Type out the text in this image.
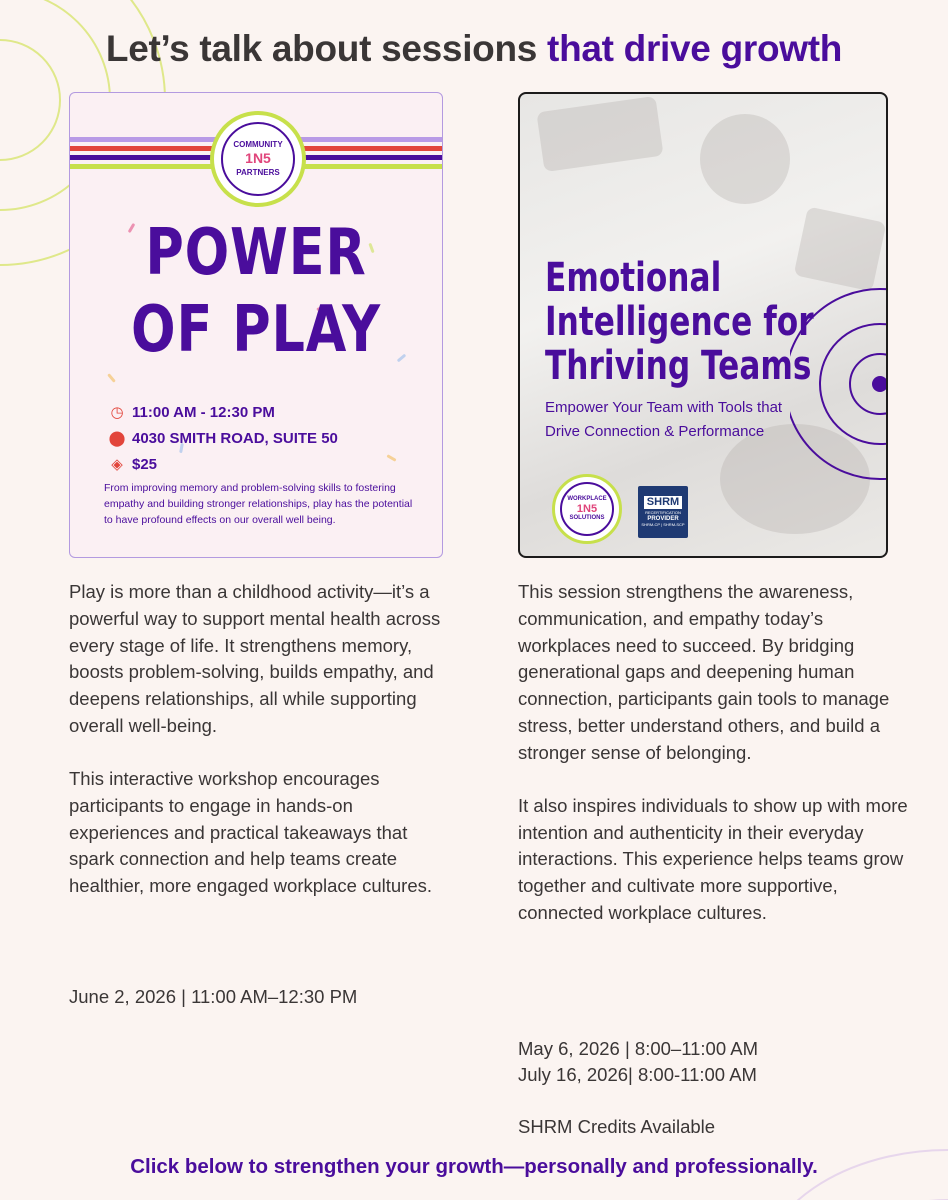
Let’s talk about sessions that drive growth
COMMUNITY
1N5
PARTNERS
POWER
OF PLAY
◷ 11:00 AM - 12:30 PM
⬤ 4030 SMITH ROAD, SUITE 50
◈ $25
From improving memory and problem-solving skills to fostering empathy and building stronger relationships, play has the potential to have profound effects on our overall well being.
Emotional
Intelligence for
Thriving Teams
Empower Your Team with Tools that Drive Connection & Performance
WORKPLACE
1N5
SOLUTIONS
SHRM
RECERTIFICATION
PROVIDER
SHRM-CP | SHRM-SCP

Play is more than a childhood activity—it’s a powerful way to support mental health across every stage of life. It strengthens memory, boosts problem-solving, builds empathy, and deepens relationships, all while supporting overall well-being.

This interactive workshop encourages participants to engage in hands-on experiences and practical takeaways that spark connection and help teams create healthier, more engaged workplace cultures.

June 2, 2026 | 11:00 AM–12:30 PM

This session strengthens the awareness, communication, and empathy today’s workplaces need to succeed. By bridging generational gaps and deepening human connection, participants gain tools to manage stress, better understand others, and build a stronger sense of belonging.

It also inspires individuals to show up with more intention and authenticity in their everyday interactions. This experience helps teams grow together and cultivate more supportive, connected workplace cultures.

May 6, 2026 | 8:00–11:00 AM
July 16, 2026| 8:00-11:00 AM
SHRM Credits Available
Click below to strengthen your growth—personally and professionally.
